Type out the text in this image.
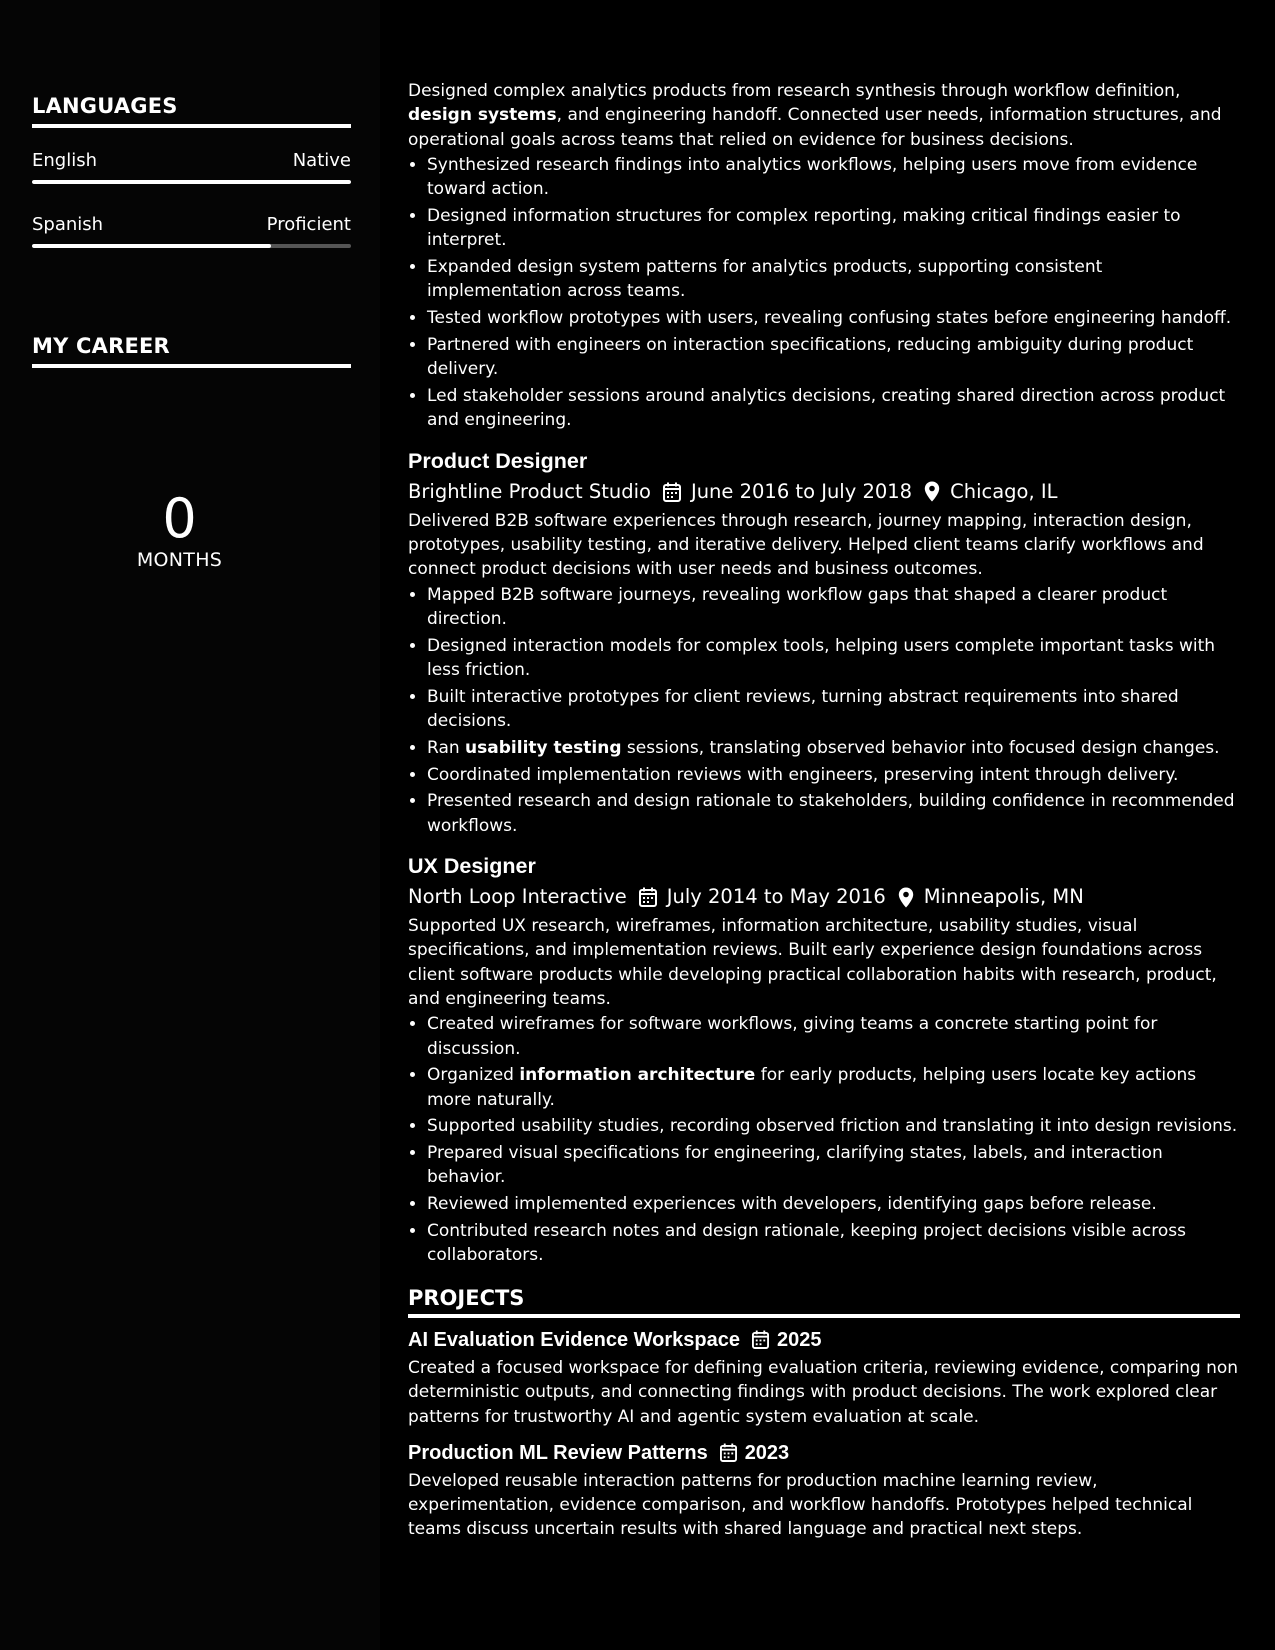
LANGUAGES
English	Native
Spanish	Proficient
MY CAREER
0
MONTHS

Designed complex analytics products from research synthesis through workflow definition, design systems, and engineering handoff. Connected user needs, information structures, and operational goals across teams that relied on evidence for business decisions.

• Synthesized research findings into analytics workflows, helping users move from evidence toward action.
• Designed information structures for complex reporting, making critical findings easier to interpret.
• Expanded design system patterns for analytics products, supporting consistent implementation across teams.
• Tested workflow prototypes with users, revealing confusing states before engineering handoff.
• Partnered with engineers on interaction specifications, reducing ambiguity during product delivery.
• Led stakeholder sessions around analytics decisions, creating shared direction across product and engineering.
Product Designer
Brightline Product Studio June 2016 to July 2018 Chicago, IL

Delivered B2B software experiences through research, journey mapping, interaction design, prototypes, usability testing, and iterative delivery. Helped client teams clarify workflows and connect product decisions with user needs and business outcomes.

• Mapped B2B software journeys, revealing workflow gaps that shaped a clearer product direction.
• Designed interaction models for complex tools, helping users complete important tasks with less friction.
• Built interactive prototypes for client reviews, turning abstract requirements into shared decisions.
• Ran usability testing sessions, translating observed behavior into focused design changes.
• Coordinated implementation reviews with engineers, preserving intent through delivery.
• Presented research and design rationale to stakeholders, building confidence in recommended workflows.
UX Designer
North Loop Interactive July 2014 to May 2016 Minneapolis, MN

Supported UX research, wireframes, information architecture, usability studies, visual specifications, and implementation reviews. Built early experience design foundations across client software products while developing practical collaboration habits with research, product, and engineering teams.

• Created wireframes for software workflows, giving teams a concrete starting point for discussion.
• Organized information architecture for early products, helping users locate key actions more naturally.
• Supported usability studies, recording observed friction and translating it into design revisions.
• Prepared visual specifications for engineering, clarifying states, labels, and interaction behavior.
• Reviewed implemented experiences with developers, identifying gaps before release.
• Contributed research notes and design rationale, keeping project decisions visible across collaborators.
PROJECTS
AI Evaluation Evidence Workspace 2025

Created a focused workspace for defining evaluation criteria, reviewing evidence, comparing non deterministic outputs, and connecting findings with product decisions. The work explored clear patterns for trustworthy AI and agentic system evaluation at scale.

Production ML Review Patterns 2023

Developed reusable interaction patterns for production machine learning review, experimentation, evidence comparison, and workflow handoffs. Prototypes helped technical teams discuss uncertain results with shared language and practical next steps.
